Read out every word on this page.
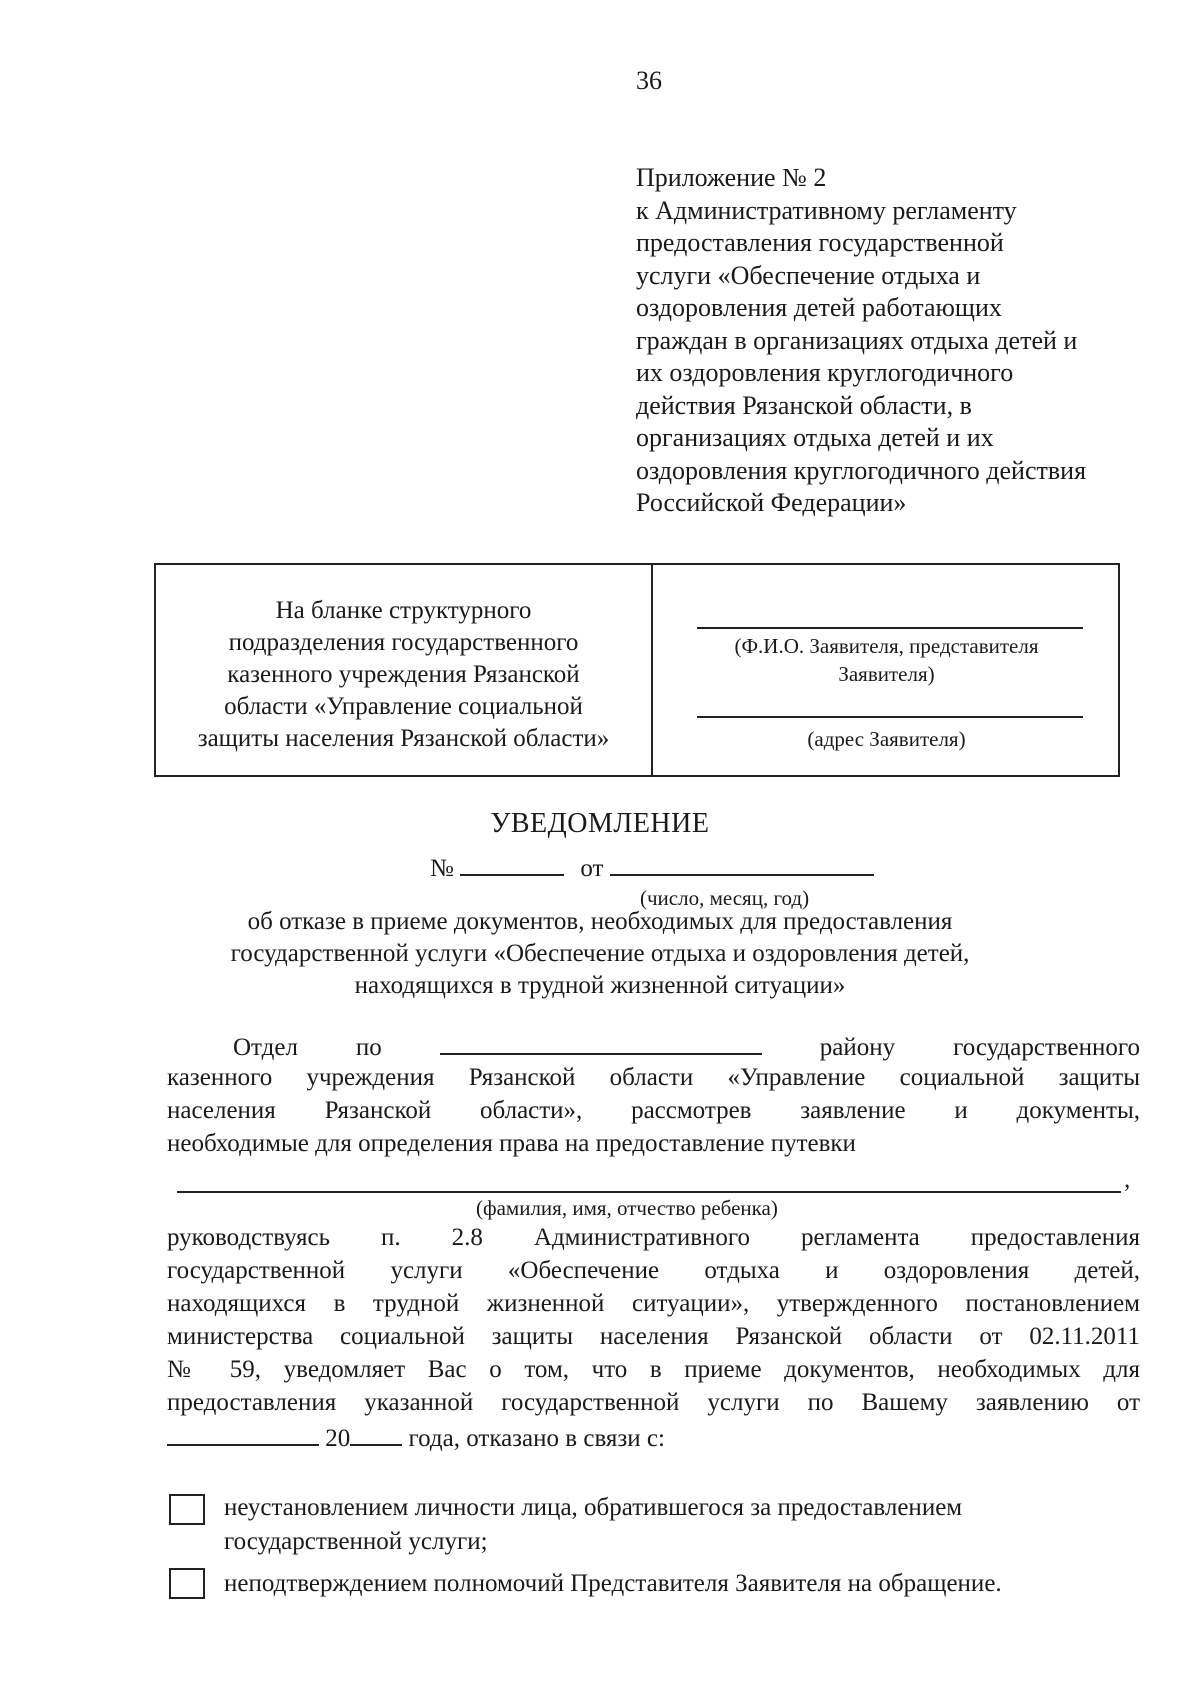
36
Приложение № 2
к Административному регламенту
предоставления государственной
услуги «Обеспечение отдыха и
оздоровления детей работающих
граждан в организациях отдыха детей и
их оздоровления круглогодичного
действия Рязанской области, в
организациях отдыха детей и их
оздоровления круглогодичного действия
Российской Федерации»
На бланке структурного
подразделения государственного
казенного учреждения Рязанской
области «Управление социальной
защиты населения Рязанской области»
(Ф.И.О. Заявителя, представителя
Заявителя)
(адрес Заявителя)
УВЕДОМЛЕНИЕ
№	от
(число, месяц, год)
об отказе в приеме документов, необходимых для предоставления
государственной услуги «Обеспечение отдыха и оздоровления детей,
находящихся в трудной жизненной ситуации»
Отдел по	району государственного
казенного учреждения Рязанской области «Управление социальной защиты
населения Рязанской области», рассмотрев заявление и документы,
необходимые для определения права на предоставление путевки
,
(фамилия, имя, отчество ребенка)
руководствуясь п. 2.8 Административного регламента предоставления
государственной услуги «Обеспечение отдыха и оздоровления детей,
находящихся в трудной жизненной ситуации», утвержденного постановлением
министерства социальной защиты населения Рязанской области от 02.11.2011
№ 59, уведомляет Вас о том, что в приеме документов, необходимых для
предоставления указанной государственной услуги по Вашему заявлению от
20 года, отказано в связи с:
неустановлением личности лица, обратившегося за предоставлением
государственной услуги;
неподтверждением полномочий Представителя Заявителя на обращение.
